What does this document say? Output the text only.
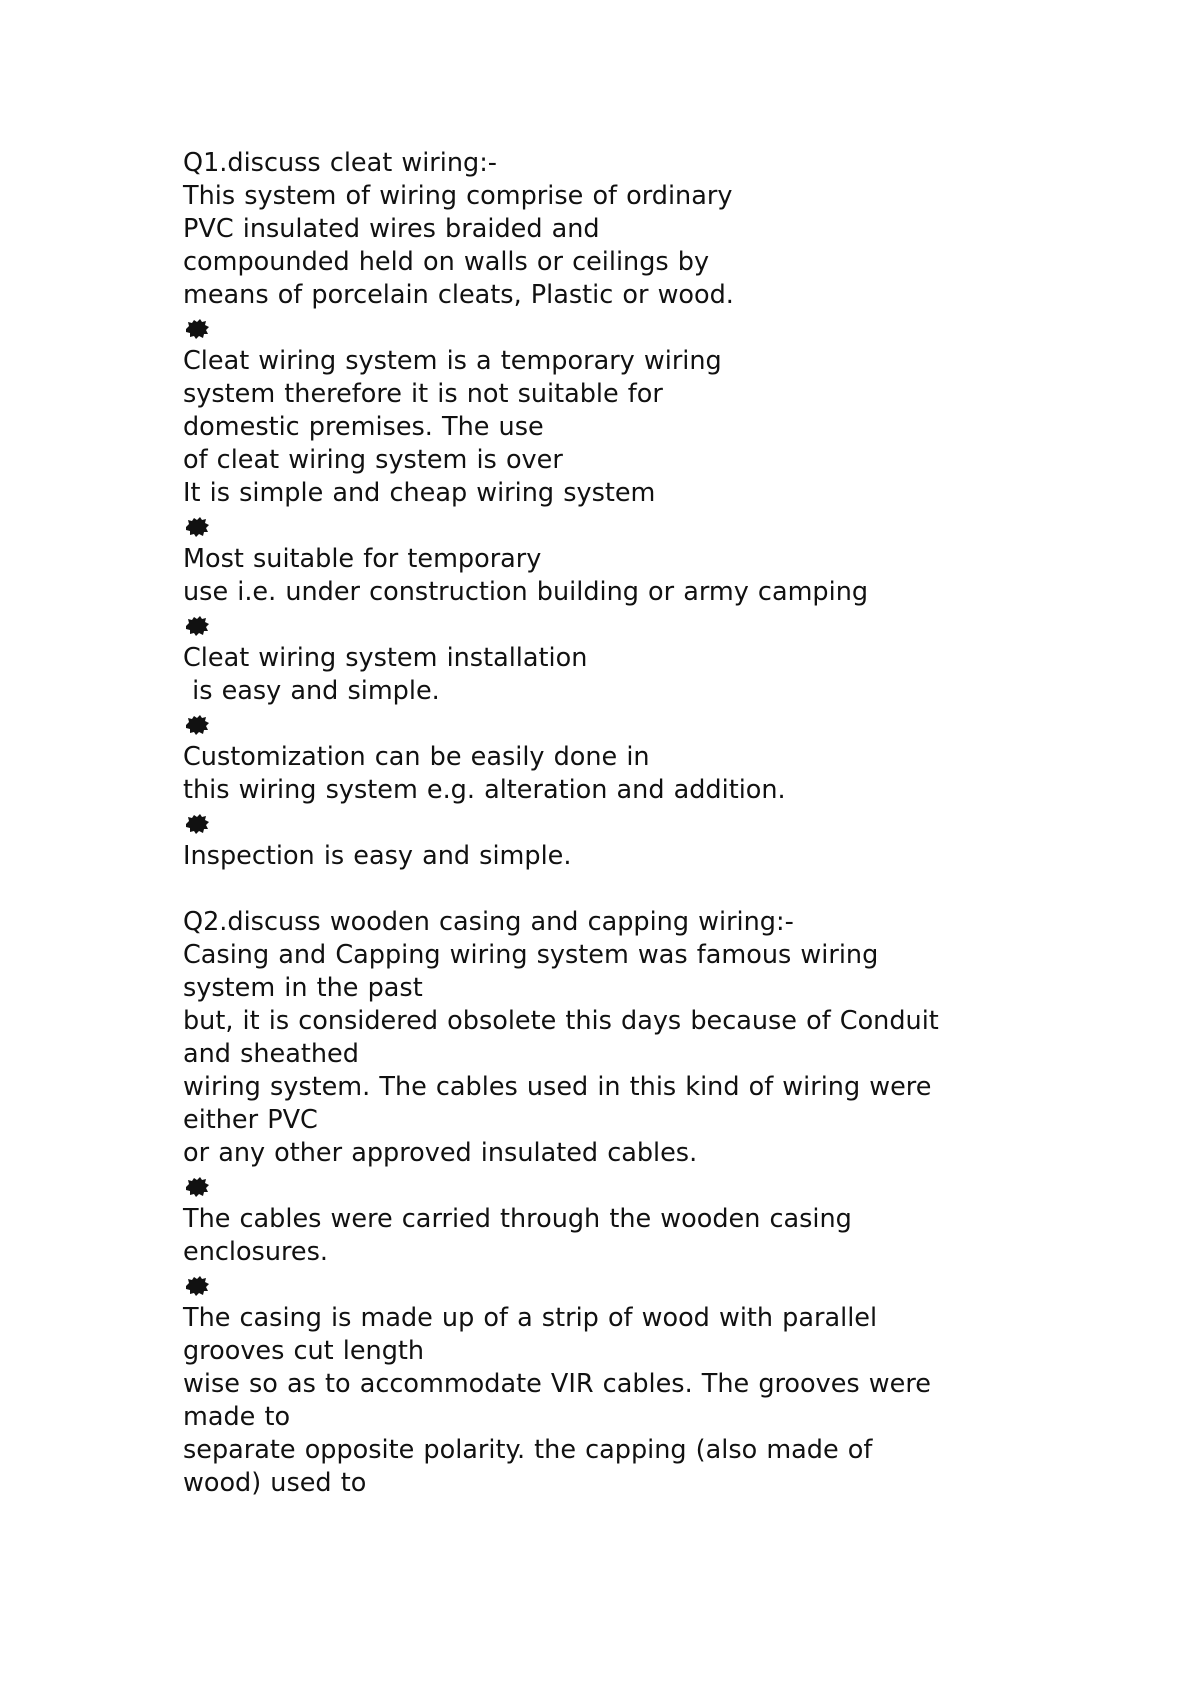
Q1.discuss cleat wiring:-
This system of wiring comprise of ordinary
PVC insulated wires braided and
compounded held on walls or ceilings by
means of porcelain cleats, Plastic or wood.
Cleat wiring system is a temporary wiring
system therefore it is not suitable for
domestic premises. The use
of cleat wiring system is over
It is simple and cheap wiring system
Most suitable for temporary
use i.e. under construction building or army camping
Cleat wiring system installation
is easy and simple.
Customization can be easily done in
this wiring system e.g. alteration and addition.
Inspection is easy and simple.
Q2.discuss wooden casing and capping wiring:-
Casing and Capping wiring system was famous wiring
system in the past
but, it is considered obsolete this days because of Conduit
and sheathed
wiring system. The cables used in this kind of wiring were
either PVC
or any other approved insulated cables.
The cables were carried through the wooden casing
enclosures.
The casing is made up of a strip of wood with parallel
grooves cut length
wise so as to accommodate VIR cables. The grooves were
made to
separate opposite polarity. the capping (also made of
wood) used to
